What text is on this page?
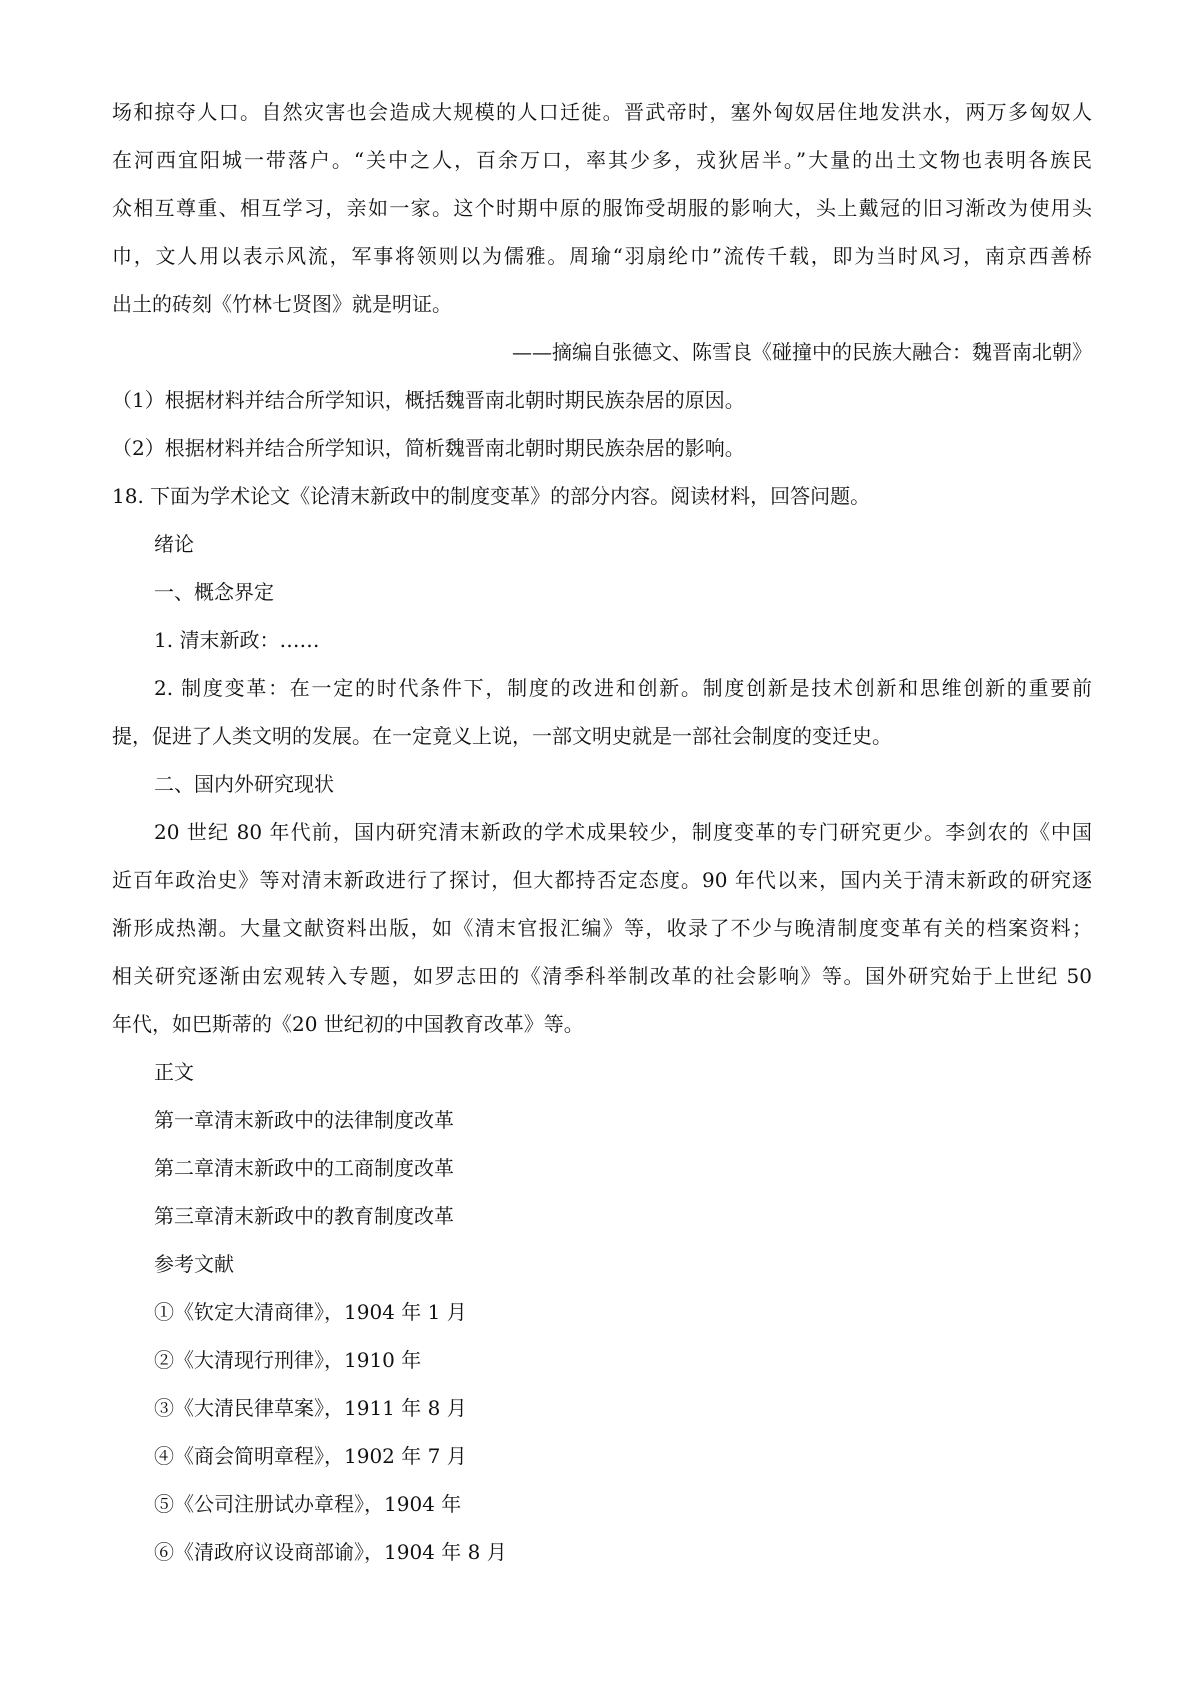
场和掠夺人口。自然灾害也会造成大规模的人口迁徙。晋武帝时，塞外匈奴居住地发洪水，两万多匈奴人
在河西宜阳城一带落户。“关中之人，百余万口，率其少多，戎狄居半。”大量的出土文物也表明各族民
众相互尊重、相互学习，亲如一家。这个时期中原的服饰受胡服的影响大，头上戴冠的旧习渐改为使用头
巾，文人用以表示风流，军事将领则以为儒雅。周瑜“羽扇纶巾”流传千载，即为当时风习，南京西善桥
出土的砖刻《竹林七贤图》就是明证。
——摘编自张德文、陈雪良《碰撞中的民族大融合：魏晋南北朝》
（1）根据材料并结合所学知识，概括魏晋南北朝时期民族杂居的原因。
（2）根据材料并结合所学知识，简析魏晋南北朝时期民族杂居的影响。
18. 下面为学术论文《论清末新政中的制度变革》的部分内容。阅读材料，回答问题。
绪论
一、概念界定
1. 清末新政：……
2. 制度变革：在一定的时代条件下，制度的改进和创新。制度创新是技术创新和思维创新的重要前
提，促进了人类文明的发展。在一定竟义上说，一部文明史就是一部社会制度的变迁史。
二、国内外研究现状
20 世纪 80 年代前，国内研究清末新政的学术成果较少，制度变革的专门研究更少。李剑农的《中国
近百年政治史》等对清末新政进行了探讨，但大都持否定态度。90 年代以来，国内关于清末新政的研究逐
渐形成热潮。大量文献资料出版，如《清末官报汇编》等，收录了不少与晚清制度变革有关的档案资料；
相关研究逐渐由宏观转入专题，如罗志田的《清季科举制改革的社会影响》等。国外研究始于上世纪 50
年代，如巴斯蒂的《20 世纪初的中国教育改革》等。
正文
第一章清末新政中的法律制度改革
第二章清末新政中的工商制度改革
第三章清末新政中的教育制度改革
参考文献
①《钦定大清商律》，1904 年 1 月
②《大清现行刑律》，1910 年
③《大清民律草案》，1911 年 8 月
④《商会简明章程》，1902 年 7 月
⑤《公司注册试办章程》，1904 年
⑥《清政府议设商部谕》，1904 年 8 月
